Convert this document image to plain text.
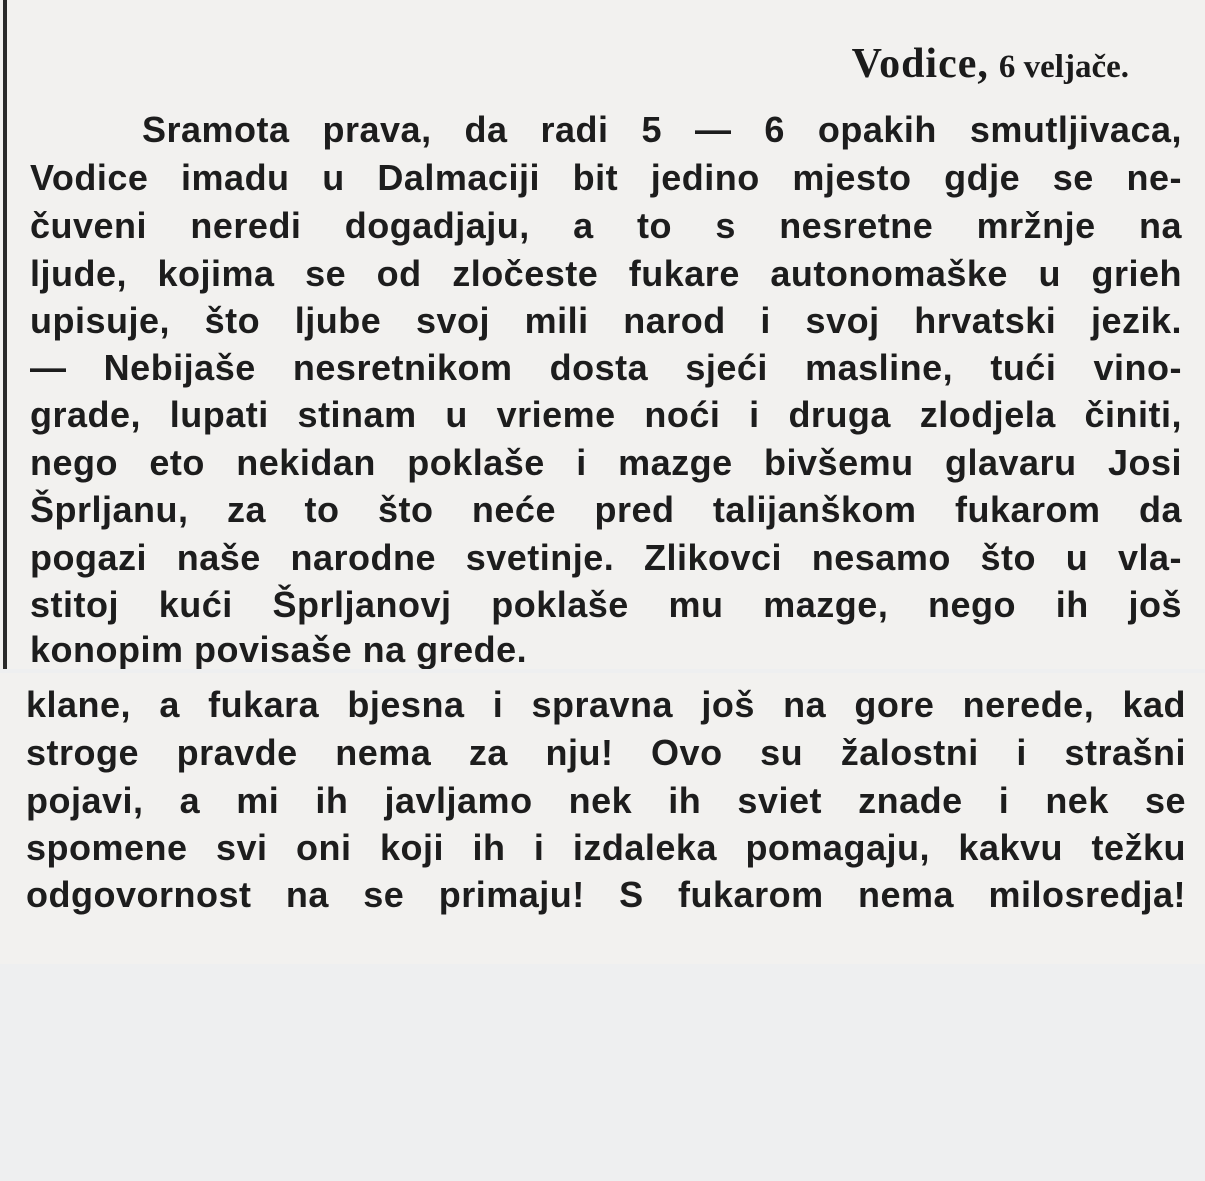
Vodice, 6 veljače.
Sramota prava, da radi 5 — 6 opakih smutljivaca,
Vodice imadu u Dalmaciji bit jedino mjesto gdje se ne-
čuveni neredi dogadjaju, a to s nesretne mržnje na
ljude, kojima se od zločeste fukare autonomaške u grieh
upisuje, što ljube svoj mili narod i svoj hrvatski jezik.
— Nebijaše nesretnikom dosta sjeći masline, tući vino-
grade, lupati stinam u vrieme noći i druga zlodjela činiti,
nego eto nekidan poklaše i mazge bivšemu glavaru Josi
Šprljanu, za to što neće pred talijanškom fukarom da
pogazi naše narodne svetinje. Zlikovci nesamo što u vla-
stitoj kući Šprljanovj poklaše mu mazge, nego ih još
konopim povisaše na grede.
klane, a fukara bjesna i spravna još na gore nerede, kad
stroge pravde nema za nju! Ovo su žalostni i strašni
pojavi, a mi ih javljamo nek ih sviet znade i nek se
spomene svi oni koji ih i izdaleka pomagaju, kakvu težku
odgovornost na se primaju! S fukarom nema milosredja!
